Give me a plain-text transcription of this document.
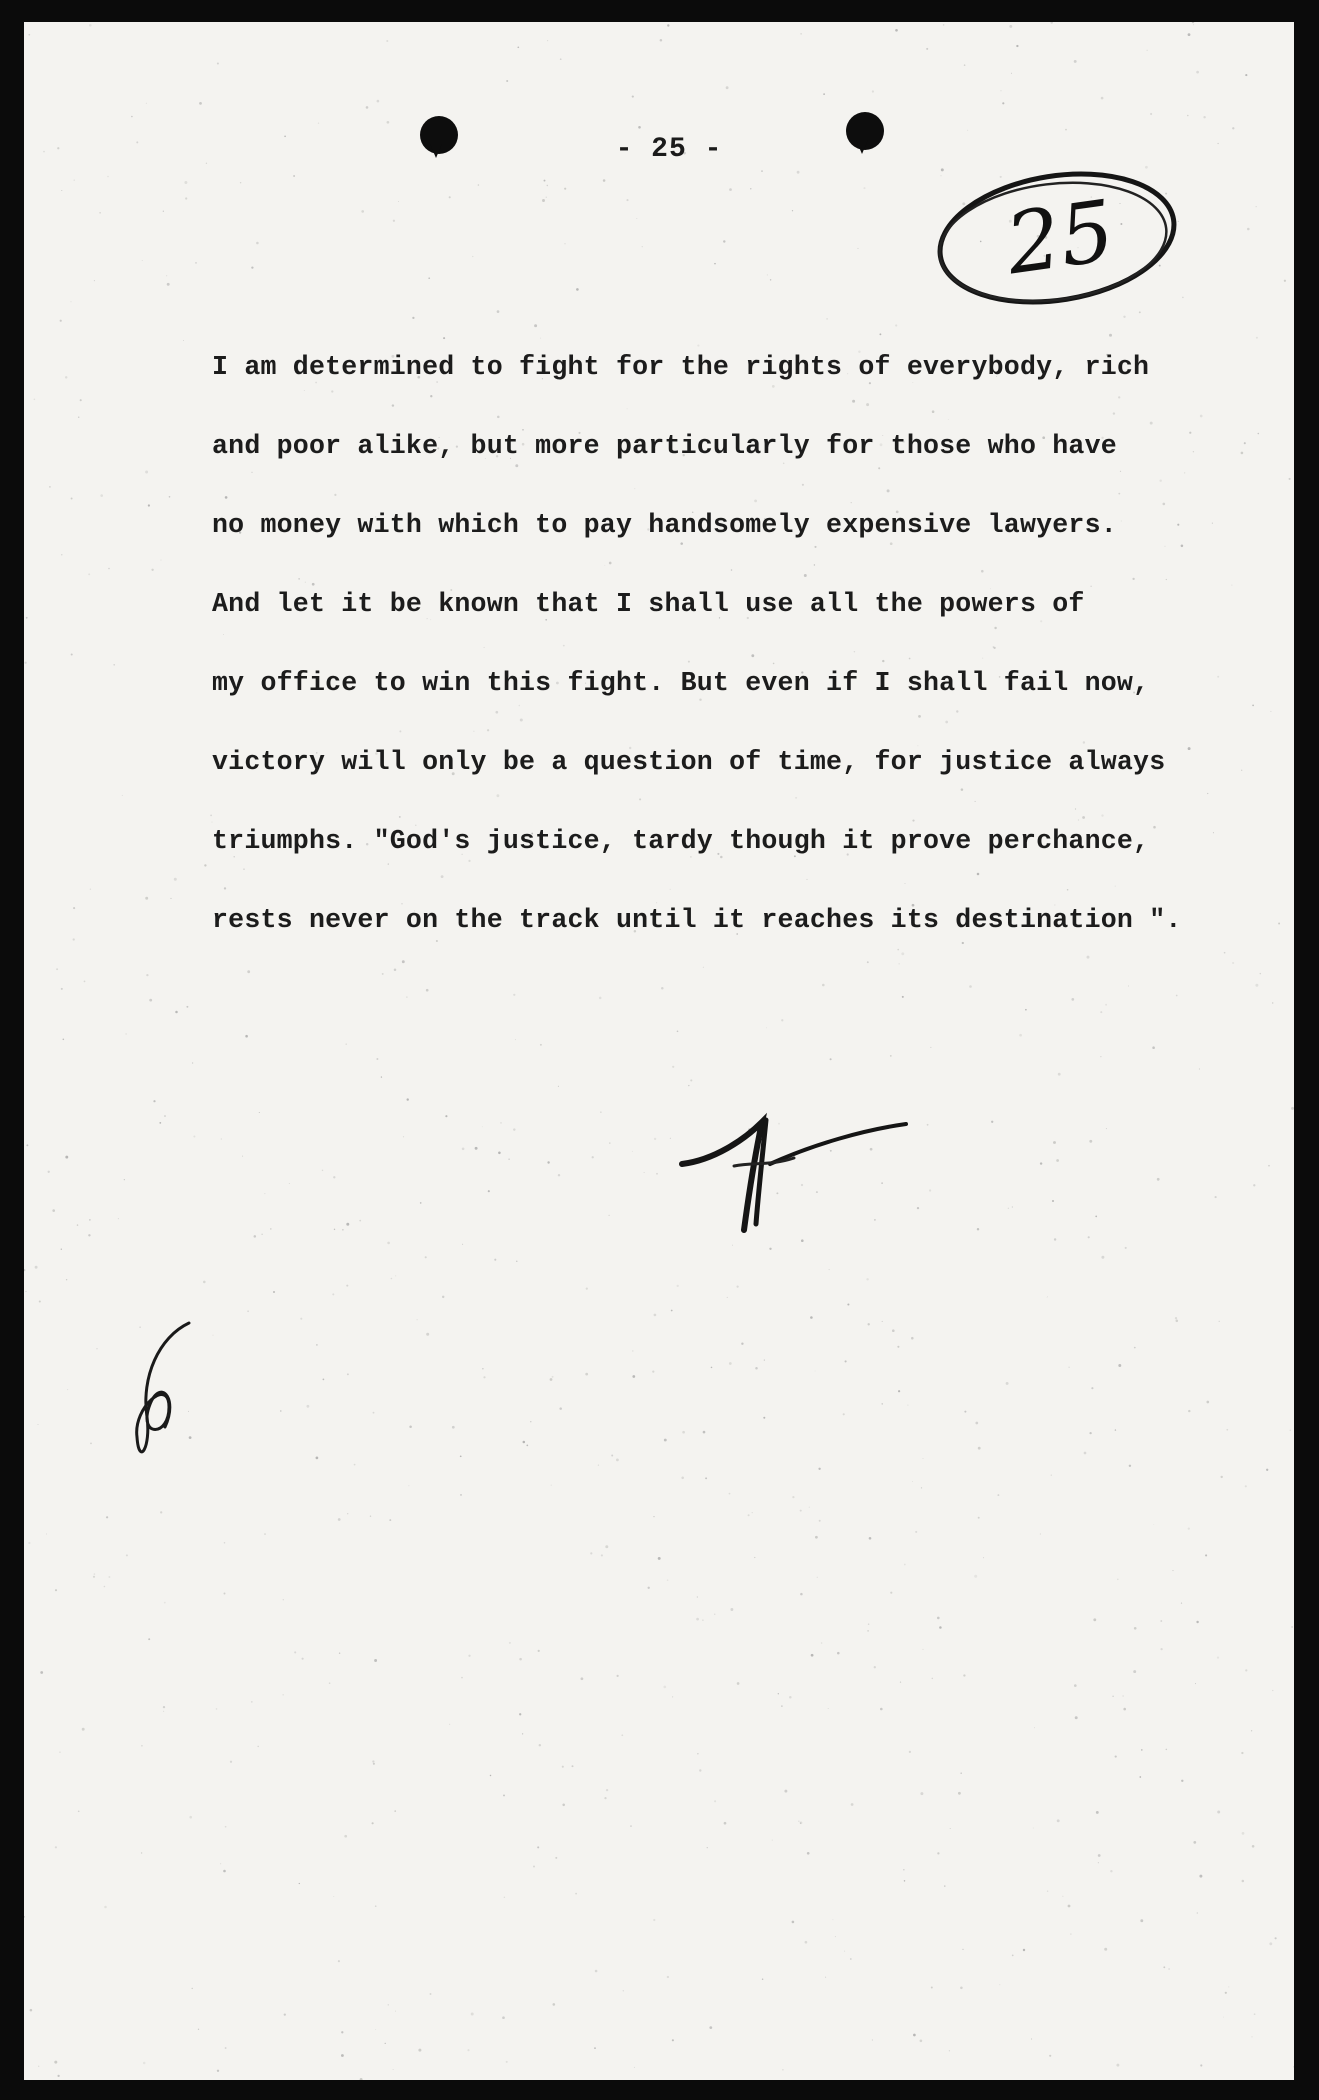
- 25 -
25
I am determined to fight for the rights of everybody, rich
and poor alike, but more particularly for those who have
no money with which to pay handsomely expensive lawyers.
And let it be known that I shall use all the powers of
my office to win this fight. But even if I shall fail now,
victory will only be a question of time, for justice always
triumphs. "God's justice, tardy though it prove perchance,
rests never on the track until it reaches its destination ".
